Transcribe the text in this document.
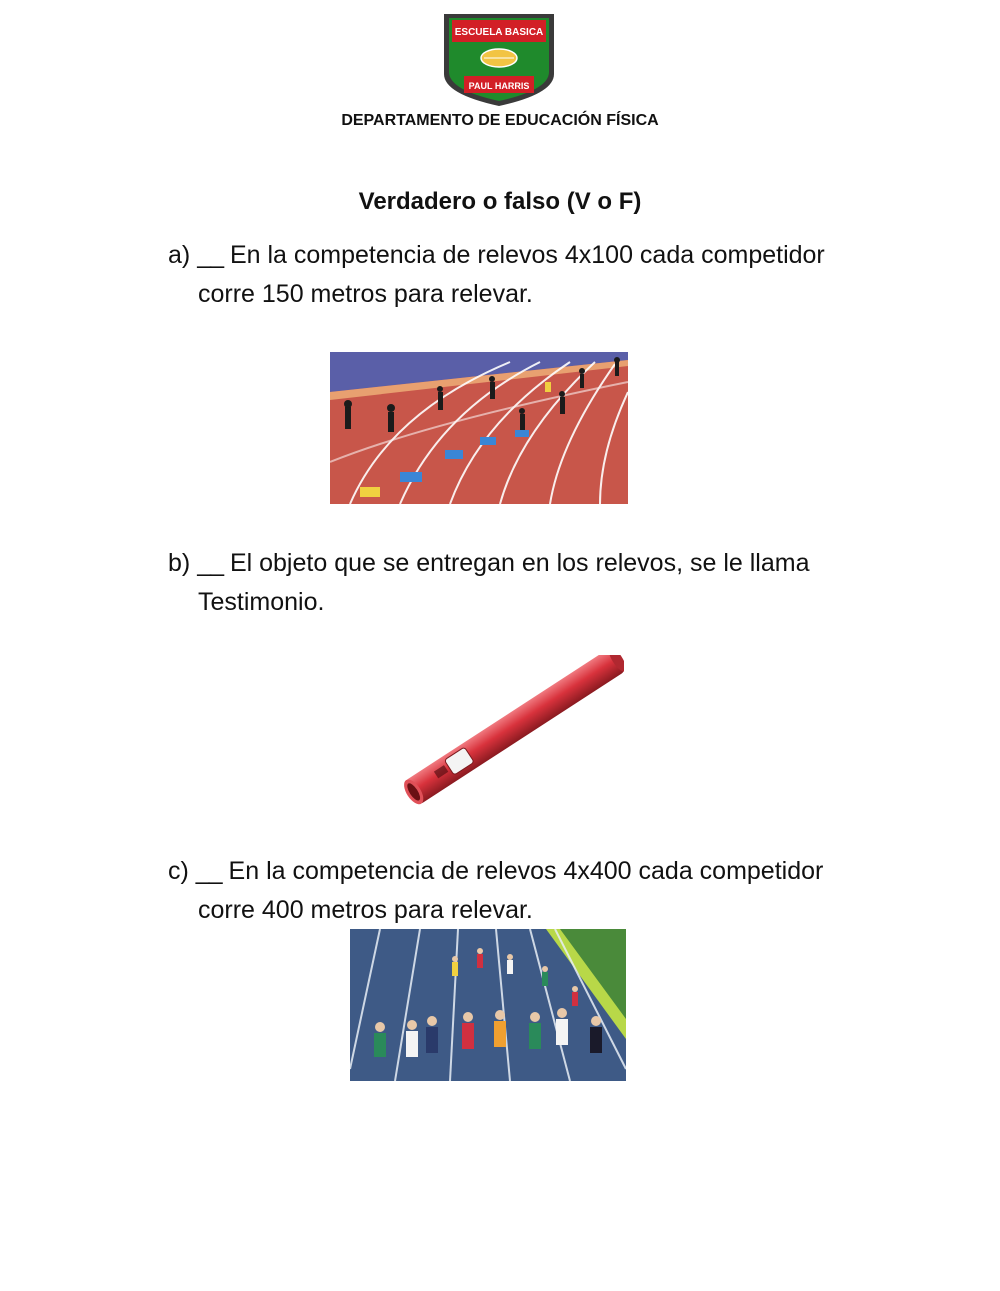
ESCUELA BASICA
PAUL HARRIS
DEPARTAMENTO DE EDUCACIÓN FÍSICA
Verdadero o falso (V o F)
a) __ En la competencia de relevos 4x100 cada competidor
corre 150 metros para relevar.
b) __ El objeto que se entregan en los relevos, se le llama
Testimonio.
c) __ En la competencia de relevos 4x400 cada competidor
corre 400 metros para relevar.
